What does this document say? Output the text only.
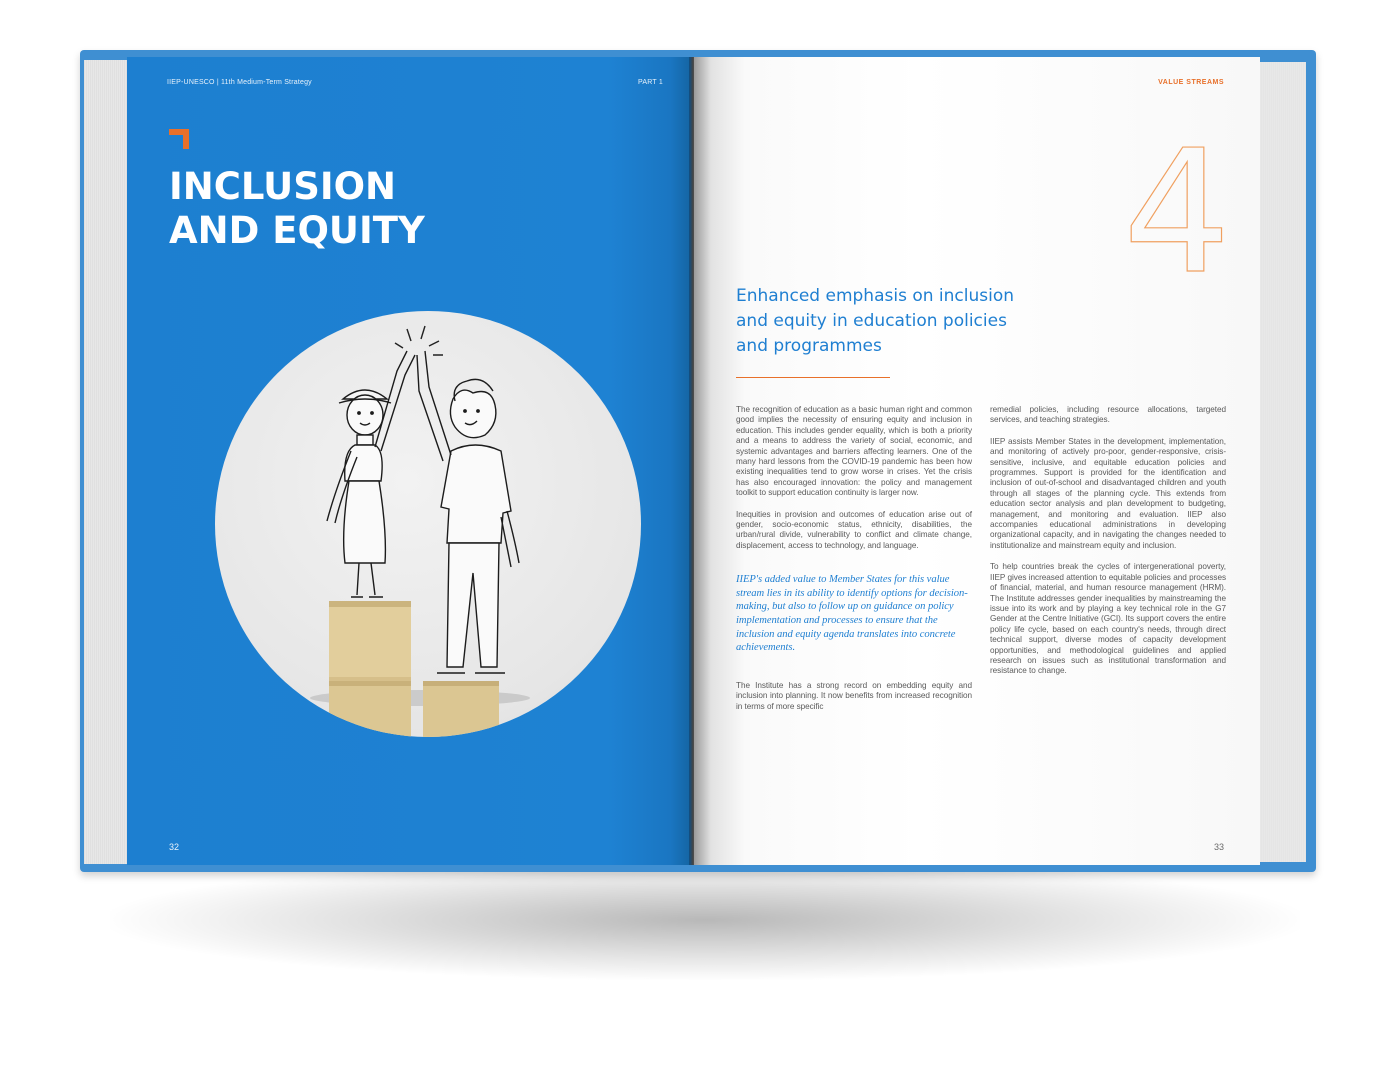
IIEP-UNESCO | 11th Medium-Term Strategy	PART 1
INCLUSION
AND EQUITY
32
VALUE STREAMS
4
Enhanced emphasis on inclusion
and equity in education policies
and programmes

The recognition of education as a basic human right and common good implies the necessity of ensuring equity and inclusion in education. This includes gender equality, which is both a priority and a means to address the variety of social, economic, and systemic advantages and barriers affecting learners. One of the many hard lessons from the COVID-19 pandemic has been how existing inequalities tend to grow worse in crises. Yet the crisis has also encouraged innovation: the policy and management toolkit to support education continuity is larger now.

Inequities in provision and outcomes of education arise out of gender, socio-economic status, ethnicity, disabilities, the urban/rural divide, vulnerability to conflict and climate change, displacement, access to technology, and language.

IIEP's added value to Member States for this value stream lies in its ability to identify options for decision-making, but also to follow up on guidance on policy implementation and processes to ensure that the inclusion and equity agenda translates into concrete achievements.

The Institute has a strong record on embedding equity and inclusion into planning. It now benefits from increased recognition in terms of more specific

remedial policies, including resource allocations, targeted services, and teaching strategies.

IIEP assists Member States in the development, implementation, and monitoring of actively pro-poor, gender-responsive, crisis-sensitive, inclusive, and equitable education policies and programmes. Support is provided for the identification and inclusion of out-of-school and disadvantaged children and youth through all stages of the planning cycle. This extends from education sector analysis and plan development to budgeting, management, and monitoring and evaluation. IIEP also accompanies educational administrations in developing organizational capacity, and in navigating the changes needed to institutionalize and mainstream equity and inclusion.

To help countries break the cycles of intergenerational poverty, IIEP gives increased attention to equitable policies and processes of financial, material, and human resource management (HRM). The Institute addresses gender inequalities by mainstreaming the issue into its work and by playing a key technical role in the G7 Gender at the Centre Initiative (GCI). Its support covers the entire policy life cycle, based on each country's needs, through direct technical support, diverse modes of capacity development opportunities, and methodological guidelines and applied research on issues such as institutional transformation and resistance to change.

33
